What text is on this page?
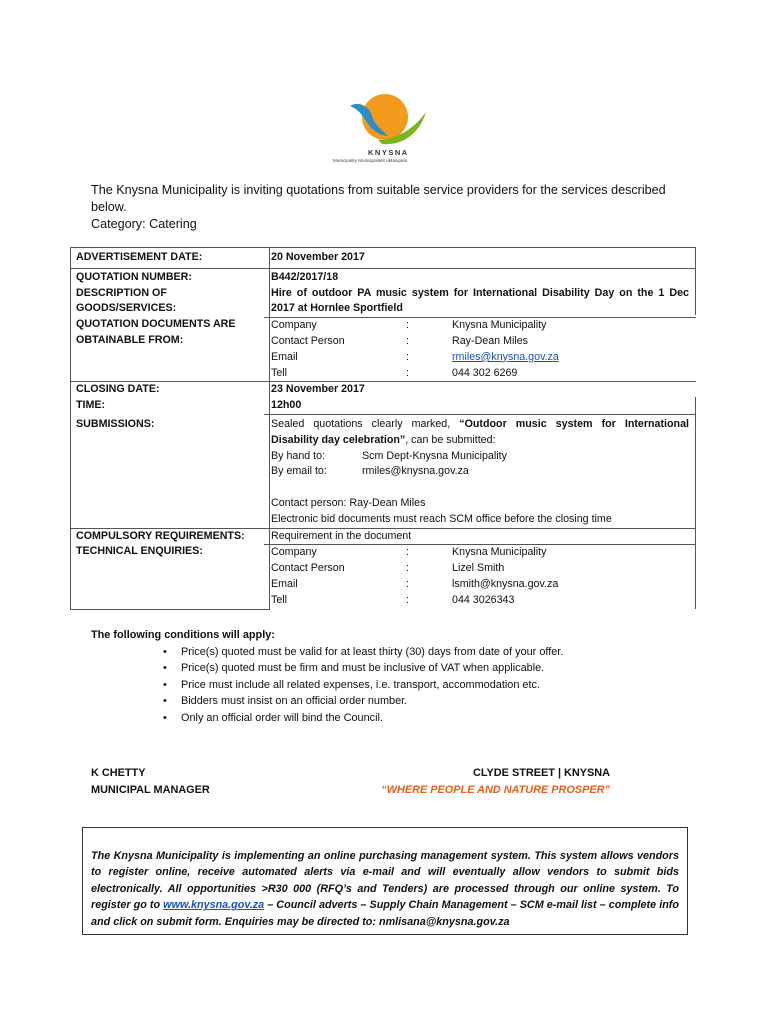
KNYSNA
Municipality Munisipaliteit uMasipala

The Knysna Municipality is inviting quotations from suitable service providers for the services described below.

Category: Catering

ADVERTISEMENT DATE:	20 November 2017
QUOTATION NUMBER:	B442/2017/18
DESCRIPTION OF
GOODS/SERVICES:
Hire of outdoor PA music system for International Disability Day on the 1 Dec 2017 at Hornlee Sportfield
QUOTATION DOCUMENTS ARE
OBTAINABLE FROM:
Company	:	Knysna Municipality
Contact Person	:	Ray-Dean Miles
Email	:	rmiles@knysna.gov.za
Tell	:	044 302 6269
CLOSING DATE:	23 November 2017
TIME:	12h00
SUBMISSIONS:	Sealed quotations clearly marked, “Outdoor music system for International Disability day celebration”, can be submitted:
By hand to:	Scm Dept-Knysna Municipality
By email to:	rmiles@knysna.gov.za
Contact person: Ray-Dean Miles
Electronic bid documents must reach SCM office before the closing time
COMPULSORY REQUIREMENTS:	Requirement in the document
TECHNICAL ENQUIRIES:	Company	:	Knysna Municipality
Contact Person	:	Lizel Smith
Email	:	lsmith@knysna.gov.za
Tell	:	044 3026343
The following conditions will apply:
• Price(s) quoted must be valid for at least thirty (30) days from date of your offer.
• Price(s) quoted must be firm and must be inclusive of VAT when applicable.
• Price must include all related expenses, i.e. transport, accommodation etc.
• Bidders must insist on an official order number.
• Only an official order will bind the Council.
K CHETTY
MUNICIPAL MANAGER
CLYDE STREET | KNYSNA
“WHERE PEOPLE AND NATURE PROSPER”
The Knysna Municipality is implementing an online purchasing management system. This system allows vendors to register online, receive automated alerts via e-mail and will eventually allow vendors to submit bids electronically. All opportunities >R30 000 (RFQ’s and Tenders) are processed through our online system. To register go to www.knysna.gov.za – Council adverts – Supply Chain Management – SCM e-mail list – complete info and click on submit form. Enquiries may be directed to: nmlisana@knysna.gov.za
